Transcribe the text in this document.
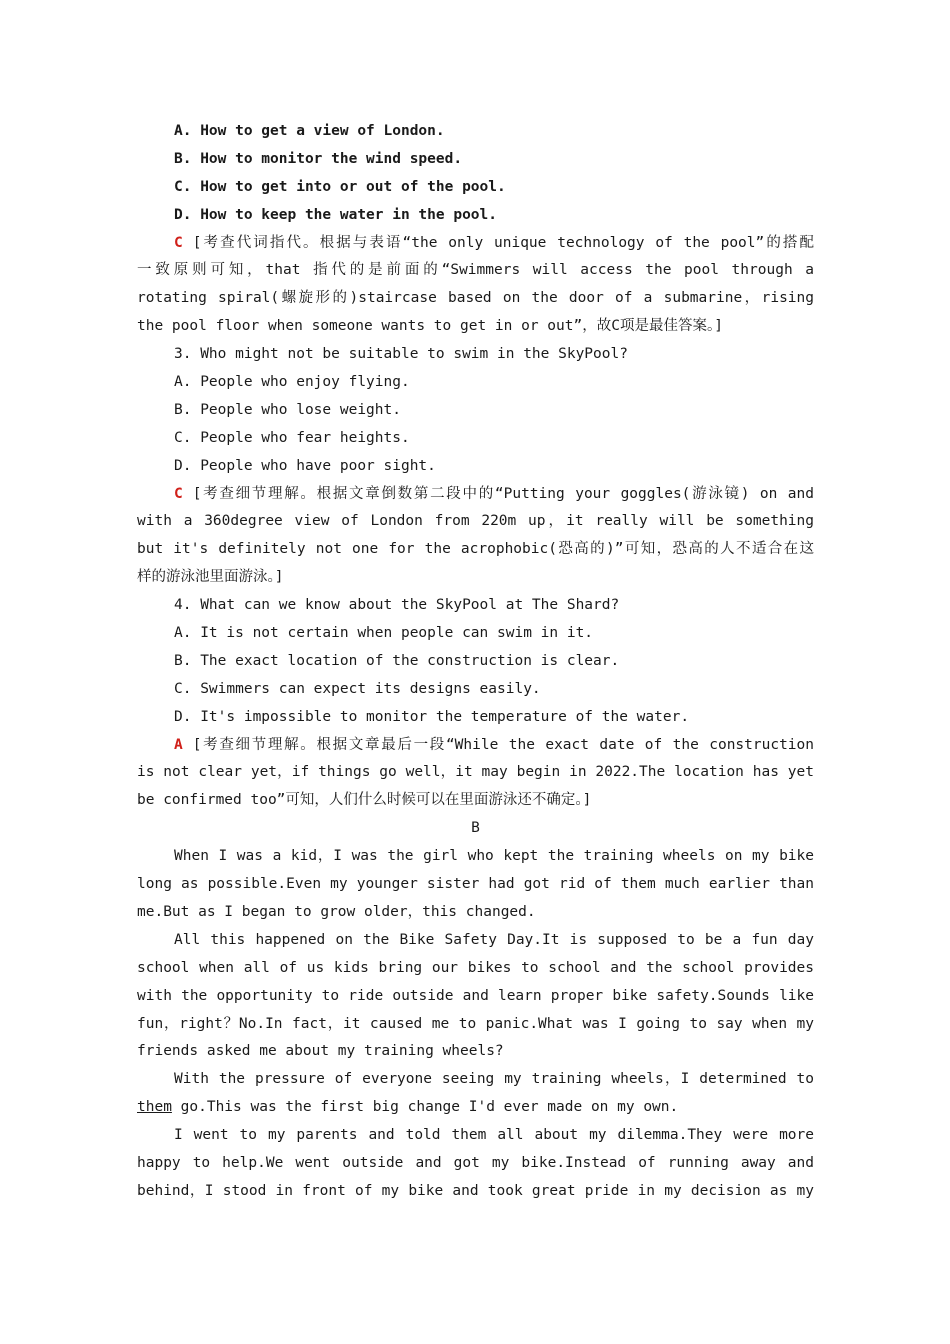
A. How to get a view of London.
B. How to monitor the wind speed.
C. How to get into or out of the pool.
D. How to keep the water in the pool.
C [考查代词指代。根据与表语“the only unique technology of the pool”的搭配
一致原则可知，that 指代的是前面的“Swimmers will access the pool through a
rotating spiral(螺旋形的)staircase based on the door of a submarine，rising
the pool floor when someone wants to get in or out”，故C项是最佳答案。]
3. Who might not be suitable to swim in the SkyPool?
A. People who enjoy flying.
B. People who lose weight.
C. People who fear heights.
D. People who have poor sight.
C [考查细节理解。根据文章倒数第二段中的“Putting your goggles(游泳镜) on and
with a 360degree view of London from 220m up，it really will be something
but it's definitely not one for the acrophobic(恐高的)”可知，恐高的人不适合在这
样的游泳池里面游泳。]
4. What can we know about the SkyPool at The Shard?
A. It is not certain when people can swim in it.
B. The exact location of the construction is clear.
C. Swimmers can expect its designs easily.
D. It's impossible to monitor the temperature of the water.
A [考查细节理解。根据文章最后一段“While the exact date of the construction
is not clear yet，if things go well，it may begin in 2022.The location has yet
be confirmed too”可知，人们什么时候可以在里面游泳还不确定。]
B
When I was a kid，I was the girl who kept the training wheels on my bike
long as possible.Even my younger sister had got rid of them much earlier than
me.But as I began to grow older，this changed.
All this happened on the Bike Safety Day.It is supposed to be a fun day
school when all of us kids bring our bikes to school and the school provides
with the opportunity to ride outside and learn proper bike safety.Sounds like
fun，right？No.In fact，it caused me to panic.What was I going to say when my
friends asked me about my training wheels?
With the pressure of everyone seeing my training wheels，I determined to
them go.This was the first big change I'd ever made on my own.
I went to my parents and told them all about my dilemma.They were more
happy to help.We went outside and got my bike.Instead of running away and
behind，I stood in front of my bike and took great pride in my decision as my
